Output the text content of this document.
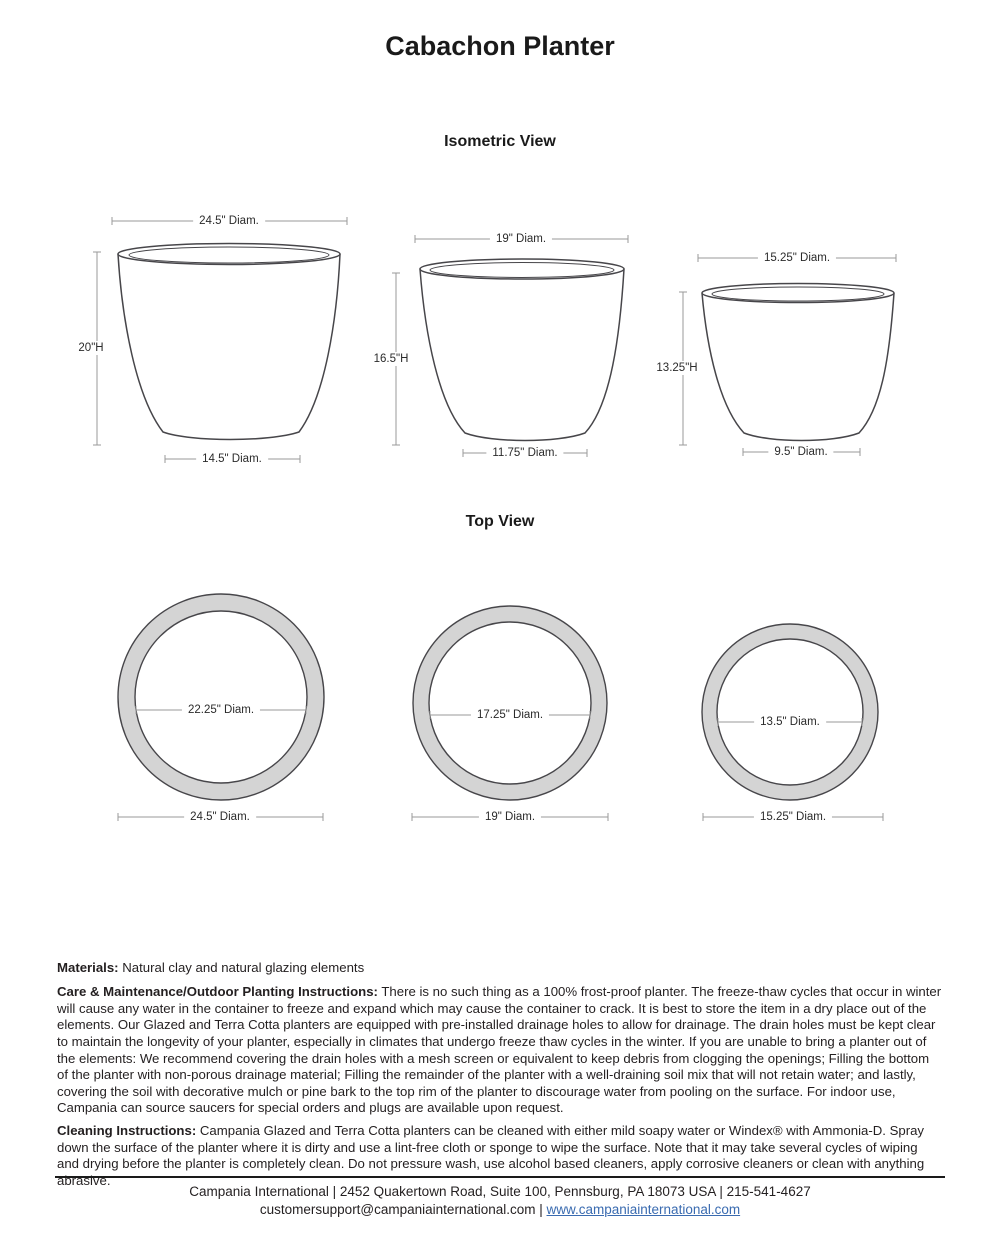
Cabachon Planter
Isometric View
24.5" Diam.
20"H
14.5" Diam.
19" Diam.
16.5"H
11.75" Diam.
15.25" Diam.
13.25"H
9.5" Diam.
Top View
22.25" Diam.
24.5" Diam.
17.25" Diam.
19" Diam.
13.5" Diam.
15.25" Diam.

Materials: Natural clay and natural glazing elements

Care & Maintenance/Outdoor Planting Instructions: There is no such thing as a 100% frost-proof planter. The freeze-thaw cycles that occur in winter will cause any water in the container to freeze and expand which may cause the container to crack. It is best to store the item in a dry place out of the elements. Our Glazed and Terra Cotta planters are equipped with pre-installed drainage holes to allow for drainage. The drain holes must be kept clear to maintain the longevity of your planter, especially in climates that undergo freeze thaw cycles in the winter. If you are unable to bring a planter out of the elements: We recommend covering the drain holes with a mesh screen or equivalent to keep debris from clogging the openings; Filling the bottom of the planter with non-porous drainage material; Filling the remainder of the planter with a well-draining soil mix that will not retain water; and lastly, covering the soil with decorative mulch or pine bark to the top rim of the planter to discourage water from pooling on the surface. For indoor use, Campania can source saucers for special orders and plugs are available upon request.

Cleaning Instructions: Campania Glazed and Terra Cotta planters can be cleaned with either mild soapy water or Windex® with Ammonia-D. Spray down the surface of the planter where it is dirty and use a lint-free cloth or sponge to wipe the surface. Note that it may take several cycles of wiping and drying before the planter is completely clean. Do not pressure wash, use alcohol based cleaners, apply corrosive cleaners or clean with anything abrasive.

Campania International | 2452 Quakertown Road, Suite 100, Pennsburg, PA 18073 USA | 215-541-4627
customersupport@campaniainternational.com | www.campaniainternational.com
